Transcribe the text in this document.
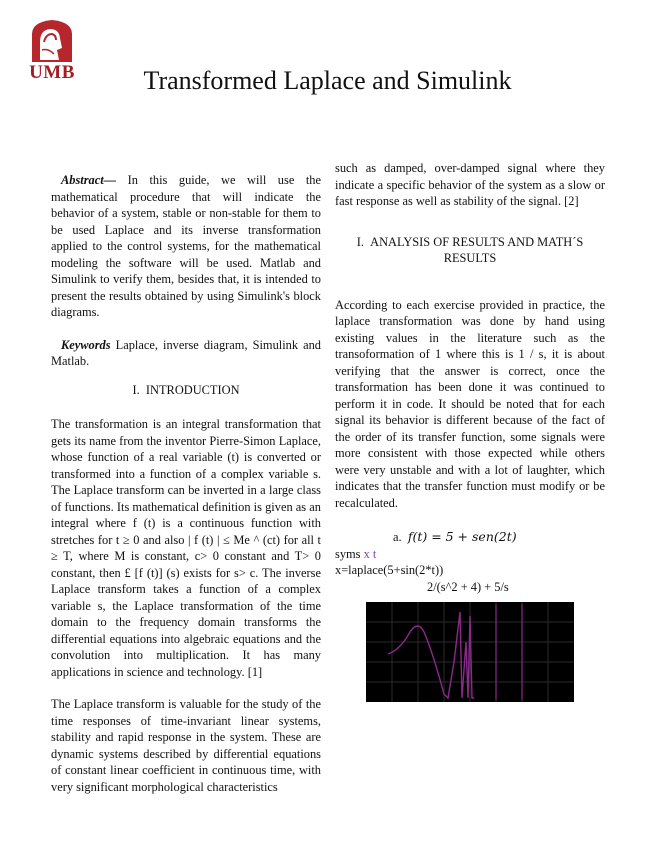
UMB	Transformed Laplace and Simulink

Abstract— In this guide, we will use the mathematical procedure that will indicate the behavior of a system, stable or non-stable for them to be used Laplace and its inverse transformation applied to the control systems, for the mathematical modeling the software will be used. Matlab and Simulink to verify them, besides that, it is intended to present the results obtained by using Simulink's block diagrams.

Keywords Laplace, inverse diagram, Simulink and Matlab.

I. INTRODUCTION

The transformation is an integral transformation that gets its name from the inventor Pierre-Simon Laplace, whose function of a real variable (t) is converted or transformed into a function of a complex variable s. The Laplace transform can be inverted in a large class of functions. Its mathematical definition is given as an integral where f (t) is a continuous function with stretches for t ≥ 0 and also | f (t) | ≤ Me ^ (ct) for all t ≥ T, where M is constant, c> 0 constant and T> 0 constant, then £ [f (t)] (s) exists for s> c. The inverse Laplace transform takes a function of a complex variable s, the Laplace transformation of the time domain to the frequency domain transforms the differential equations into algebraic equations and the convolution into multiplication. It has many applications in science and technology. [1]

The Laplace transform is valuable for the study of the time responses of time-invariant linear systems, stability and rapid response in the system. These are dynamic systems described by differential equations of constant linear coefficient in continuous time, with very significant morphological characteristics

such as damped, over-damped signal where they indicate a specific behavior of the system as a slow or fast response as well as stability of the signal. [2]

I. ANALYSIS OF RESULTS AND MATH´S
RESULTS

According to each exercise provided in practice, the laplace transformation was done by hand using existing values in the literature such as the transoformation of 1 where this is 1 / s, it is about verifying that the answer is correct, once the transformation has been done it was continued to perform it in code. It should be noted that for each signal its behavior is different because of the fact of the order of its transfer function, some signals were more consistent with those expected while others were very unstable and with a lot of laughter, which indicates that the transfer function must modify or be recalculated.

a. f(t) = 5 + sen(2t)

syms x t

x=laplace(5+sin(2*t))

2/(s^2 + 4) + 5/s
